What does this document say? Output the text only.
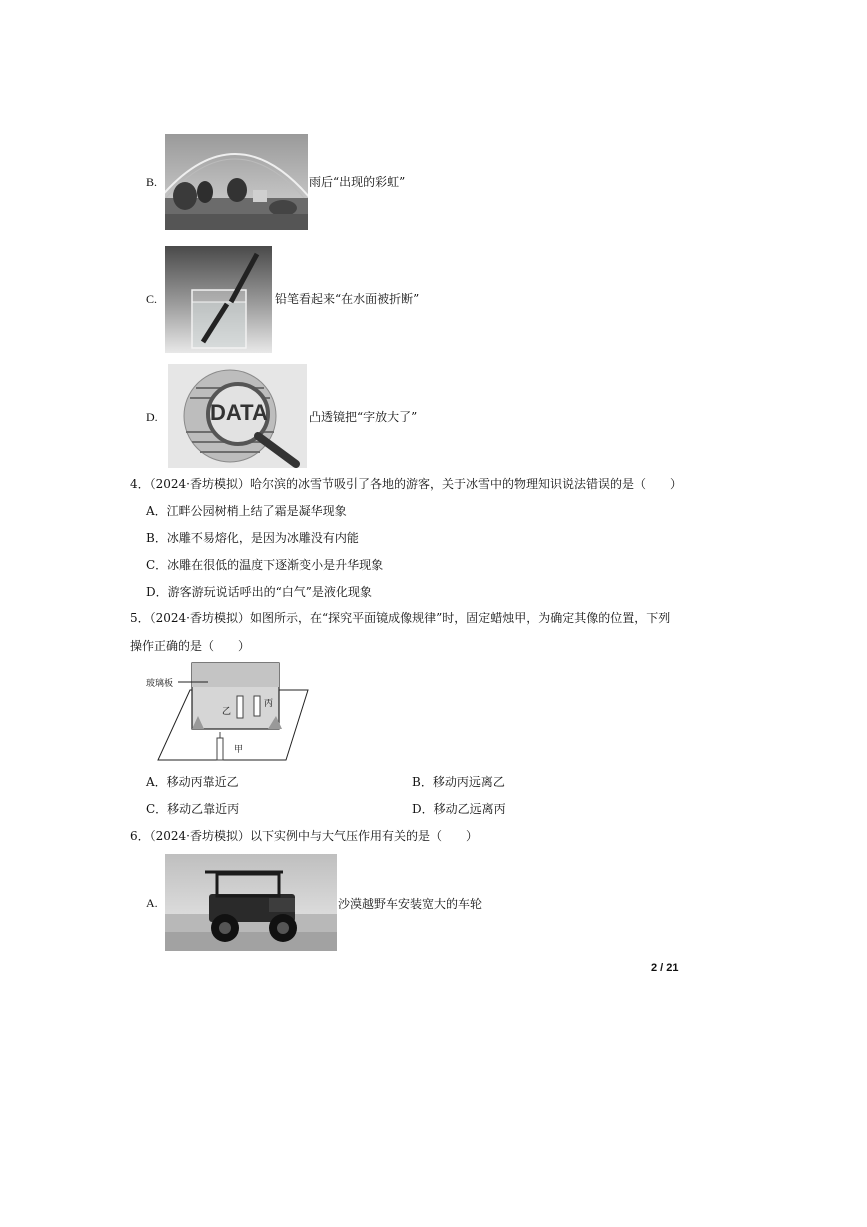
B.	雨后“出现的彩虹”
C.	铅笔看起来“在水面被折断”
D. DATA	凸透镜把“字放大了”
4．（2024·香坊模拟）哈尔滨的冰雪节吸引了各地的游客，关于冰雪中的物理知识说法错误的是（　　）
A．江畔公园树梢上结了霜是凝华现象
B．冰雕不易熔化，是因为冰雕没有内能
C．冰雕在很低的温度下逐渐变小是升华现象
D．游客游玩说话呼出的“白气”是液化现象
5．（2024·香坊模拟）如图所示，在“探究平面镜成像规律”时，固定蜡烛甲，为确定其像的位置，下列
操作正确的是（　　）
玻璃板
乙
丙
甲
A．移动丙靠近乙	B．移动丙远离乙
C．移动乙靠近丙	D．移动乙远离丙
6．（2024·香坊模拟）以下实例中与大气压作用有关的是（　　）
A.	沙漠越野车安装宽大的车轮
2 / 21
